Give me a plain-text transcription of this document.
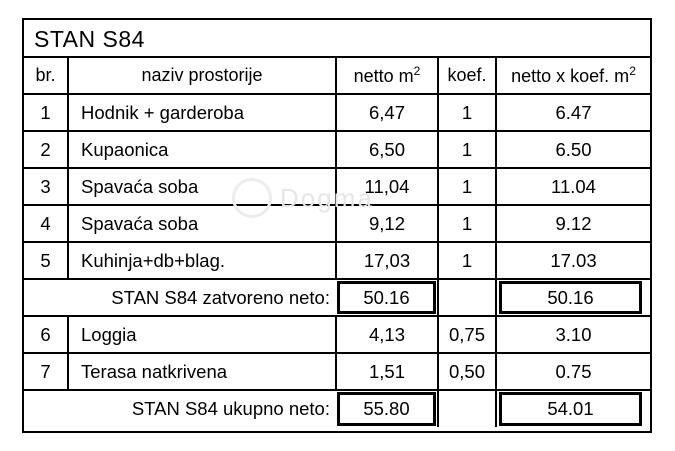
STAN S84
br.	naziv prostorije	netto $m^2$	koef.	netto x koef. $m^2$
1	Hodnik + garderoba	6,47	1	6.47
2	Kupaonica	6,50	1	6.50
3	Spavaća soba	11,04	1	11.04
4	Spavaća soba	9,12	1	9.12
5	Kuhinja+db+blag.	17,03	1	17.03
STAN S84 zatvoreno neto:		50.16		50.16

6	Loggia	4,13	0,75	3.10
7	Terasa natkrivena	1,51	0,50	0.75
STAN S84 ukupno neto:		55.80		54.01
Dogma
